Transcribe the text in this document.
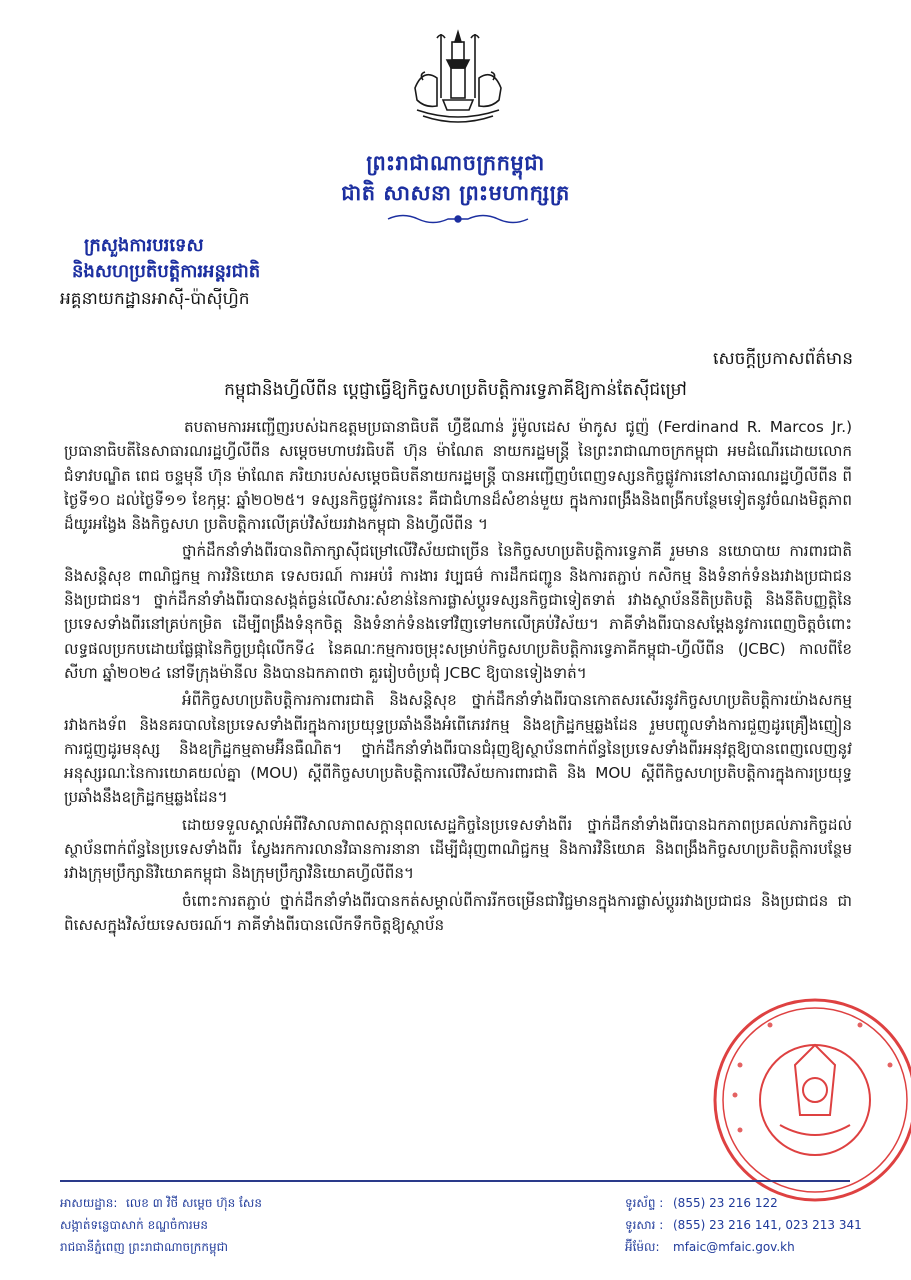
ព្រះរាជាណាចក្រកម្ពុជា
ជាតិ សាសនា ព្រះមហាក្សត្រ
ក្រសួងការបរទេស
និងសហប្រតិបត្តិការអន្តរជាតិ
អគ្គនាយកដ្ឋានអាស៊ី-ប៉ាស៊ីហ្វិក
សេចក្តីប្រកាសព័ត៌មាន
កម្ពុជានិងហ្វីលីពីន ប្តេជ្ញាធ្វើឱ្យកិច្ចសហប្រតិបត្តិការទ្វេភាគីឱ្យកាន់តែស៊ីជម្រៅ

តបតាមការអញ្ជើញរបស់ឯកឧត្តមប្រធានាធិបតី ហ្វឺឌីណាន់ រ៉ូម៉ូលដេស ម៉ាកូស ជូញ៉ (Ferdinand R. Marcos Jr.) ប្រធានាធិបតីនៃសាធារណរដ្ឋហ្វីលីពីន សម្តេចមហាបវរធិបតី ហ៊ុន ម៉ាណែត នាយករដ្ឋមន្ត្រី នៃព្រះរាជាណាចក្រកម្ពុជា អមដំណើរដោយលោកជំទាវបណ្ឌិត ពេជ ចន្ទមុនី ហ៊ុន ម៉ាណែត ភរិយារបស់សម្តេចធិបតីនាយករដ្ឋមន្ត្រី បានអញ្ជើញបំពេញទស្សនកិច្ចផ្លូវការនៅសាធារណរដ្ឋហ្វីលីពីន ពីថ្ងៃទី១០ ដល់ថ្ងៃទី១១ ខែកុម្ភៈ ឆ្នាំ២០២៥។ ទស្សនកិច្ចផ្លូវការនេះ គឺជាជំហានដ៏សំខាន់មួយ ក្នុងការពង្រឹងនិងពង្រីកបន្ថែមទៀតនូវចំណងមិត្តភាពដ៏យូរអង្វែង និងកិច្ចសហ ប្រតិបត្តិការលើគ្រប់វិស័យរវាងកម្ពុជា និងហ្វីលីពីន ។

ថ្នាក់ដឹកនាំទាំងពីរបានពិភាក្សាស៊ីជម្រៅលើវិស័យជាច្រើន នៃកិច្ចសហប្រតិបត្តិការទ្វេភាគី រួមមាន នយោបាយ ការពារជាតិ និងសន្តិសុខ ពាណិជ្ជកម្ម ការវិនិយោគ ទេសចរណ៍ ការអប់រំ ការងារ វប្បធម៌ ការដឹកជញ្ជូន និងការតភ្ជាប់ កសិកម្ម និងទំនាក់ទំនងរវាងប្រជាជននិងប្រជាជន។ ថ្នាក់ដឹកនាំទាំងពីរបានសង្កត់ធ្ងន់លើសារៈសំខាន់នៃការផ្លាស់ប្តូរទស្សនកិច្ចជាទៀតទាត់ រវាងស្ថាប័ននីតិប្រតិបត្តិ និងនីតិបញ្ញត្តិនៃប្រទេសទាំងពីរនៅគ្រប់កម្រិត ដើម្បីពង្រឹងទំនុកចិត្ត និងទំនាក់ទំនងទៅវិញទៅមកលើគ្រប់វិស័យ។ ភាគីទាំងពីរបានសម្តែងនូវការពេញចិត្តចំពោះលទ្ធផលប្រកបដោយផ្លែផ្កានៃកិច្ចប្រជុំលើកទី៤ នៃគណៈកម្មការចម្រុះសម្រាប់កិច្ចសហប្រតិបត្តិការទ្វេភាគីកម្ពុជា-ហ្វីលីពីន (JCBC) កាលពីខែសីហា ឆ្នាំ២០២៤ នៅទីក្រុងម៉ានីល និងបានឯកភាពថា គួររៀបចំប្រជុំ JCBC ឱ្យបានទៀងទាត់។

អំពីកិច្ចសហប្រតិបត្តិការការពារជាតិ និងសន្តិសុខ ថ្នាក់ដឹកនាំទាំងពីរបានកោតសរសើរនូវកិច្ចសហប្រតិបត្តិការយ៉ាងសកម្មរវាងកងទ័ព និងនគរបាលនៃប្រទេសទាំងពីរក្នុងការប្រយុទ្ធប្រឆាំងនឹងអំពើភេរវកម្ម និងឧក្រិដ្ឋកម្មឆ្លងដែន រួមបញ្ចូលទាំងការជួញដូរគ្រឿងញៀន ការជួញដូរមនុស្ស និងឧក្រិដ្ឋកម្មតាមអ៊ីនធឺណិត។ ថ្នាក់ដឹកនាំទាំងពីរបានជំរុញឱ្យស្ថាប័នពាក់ព័ន្ធនៃប្រទេសទាំងពីរអនុវត្តឱ្យបានពេញលេញនូវអនុស្សរណៈនៃការយោគយល់គ្នា (MOU) ស្តីពីកិច្ចសហប្រតិបត្តិការលើវិស័យការពារជាតិ និង MOU ស្តីពីកិច្ចសហប្រតិបត្តិការក្នុងការប្រយុទ្ធប្រឆាំងនឹងឧក្រិដ្ឋកម្មឆ្លងដែន។

ដោយទទួលស្គាល់អំពីវិសាលភាពសក្តានុពលសេដ្ឋកិច្ចនៃប្រទេសទាំងពីរ ថ្នាក់ដឹកនាំទាំងពីរបានឯកភាពប្រគល់ភារកិច្ចដល់ស្ថាប័នពាក់ព័ន្ធនៃប្រទេសទាំងពីរ ស្វែងរកការលានវិធានការនានា ដើម្បីជំរុញពាណិជ្ជកម្ម និងការវិនិយោគ និងពង្រឹងកិច្ចសហប្រតិបត្តិការបន្ថែមរវាងក្រុមប្រឹក្សានិវិយោគកម្ពុជា និងក្រុមប្រឹក្សាវិនិយោគហ្វីលីពីន។

ចំពោះការតភ្ជាប់ ថ្នាក់ដឹកនាំទាំងពីរបានកត់សម្គាល់ពីការរីកចម្រើនជាវិជ្ជមានក្នុងការផ្លាស់ប្តូររវាងប្រជាជន និងប្រជាជន ជាពិសេសក្នុងវិស័យទេសចរណ៍។ ភាគីទាំងពីរបានលើកទឹកចិត្តឱ្យស្ថាប័ន

អាសយដ្ឋាន: លេខ ៣ វិថី សម្តេច ហ៊ុន សែន
សង្កាត់ទន្លេបាសាក់ ខណ្ឌចំការមន
រាជធានីភ្នំពេញ ព្រះរាជាណាចក្រកម្ពុជា
ទូរស័ព្ទ : (855) 23 216 122
ទូរសារ : (855) 23 216 141, 023 213 341
អ៊ីម៉ែល: mfaic@mfaic.gov.kh
